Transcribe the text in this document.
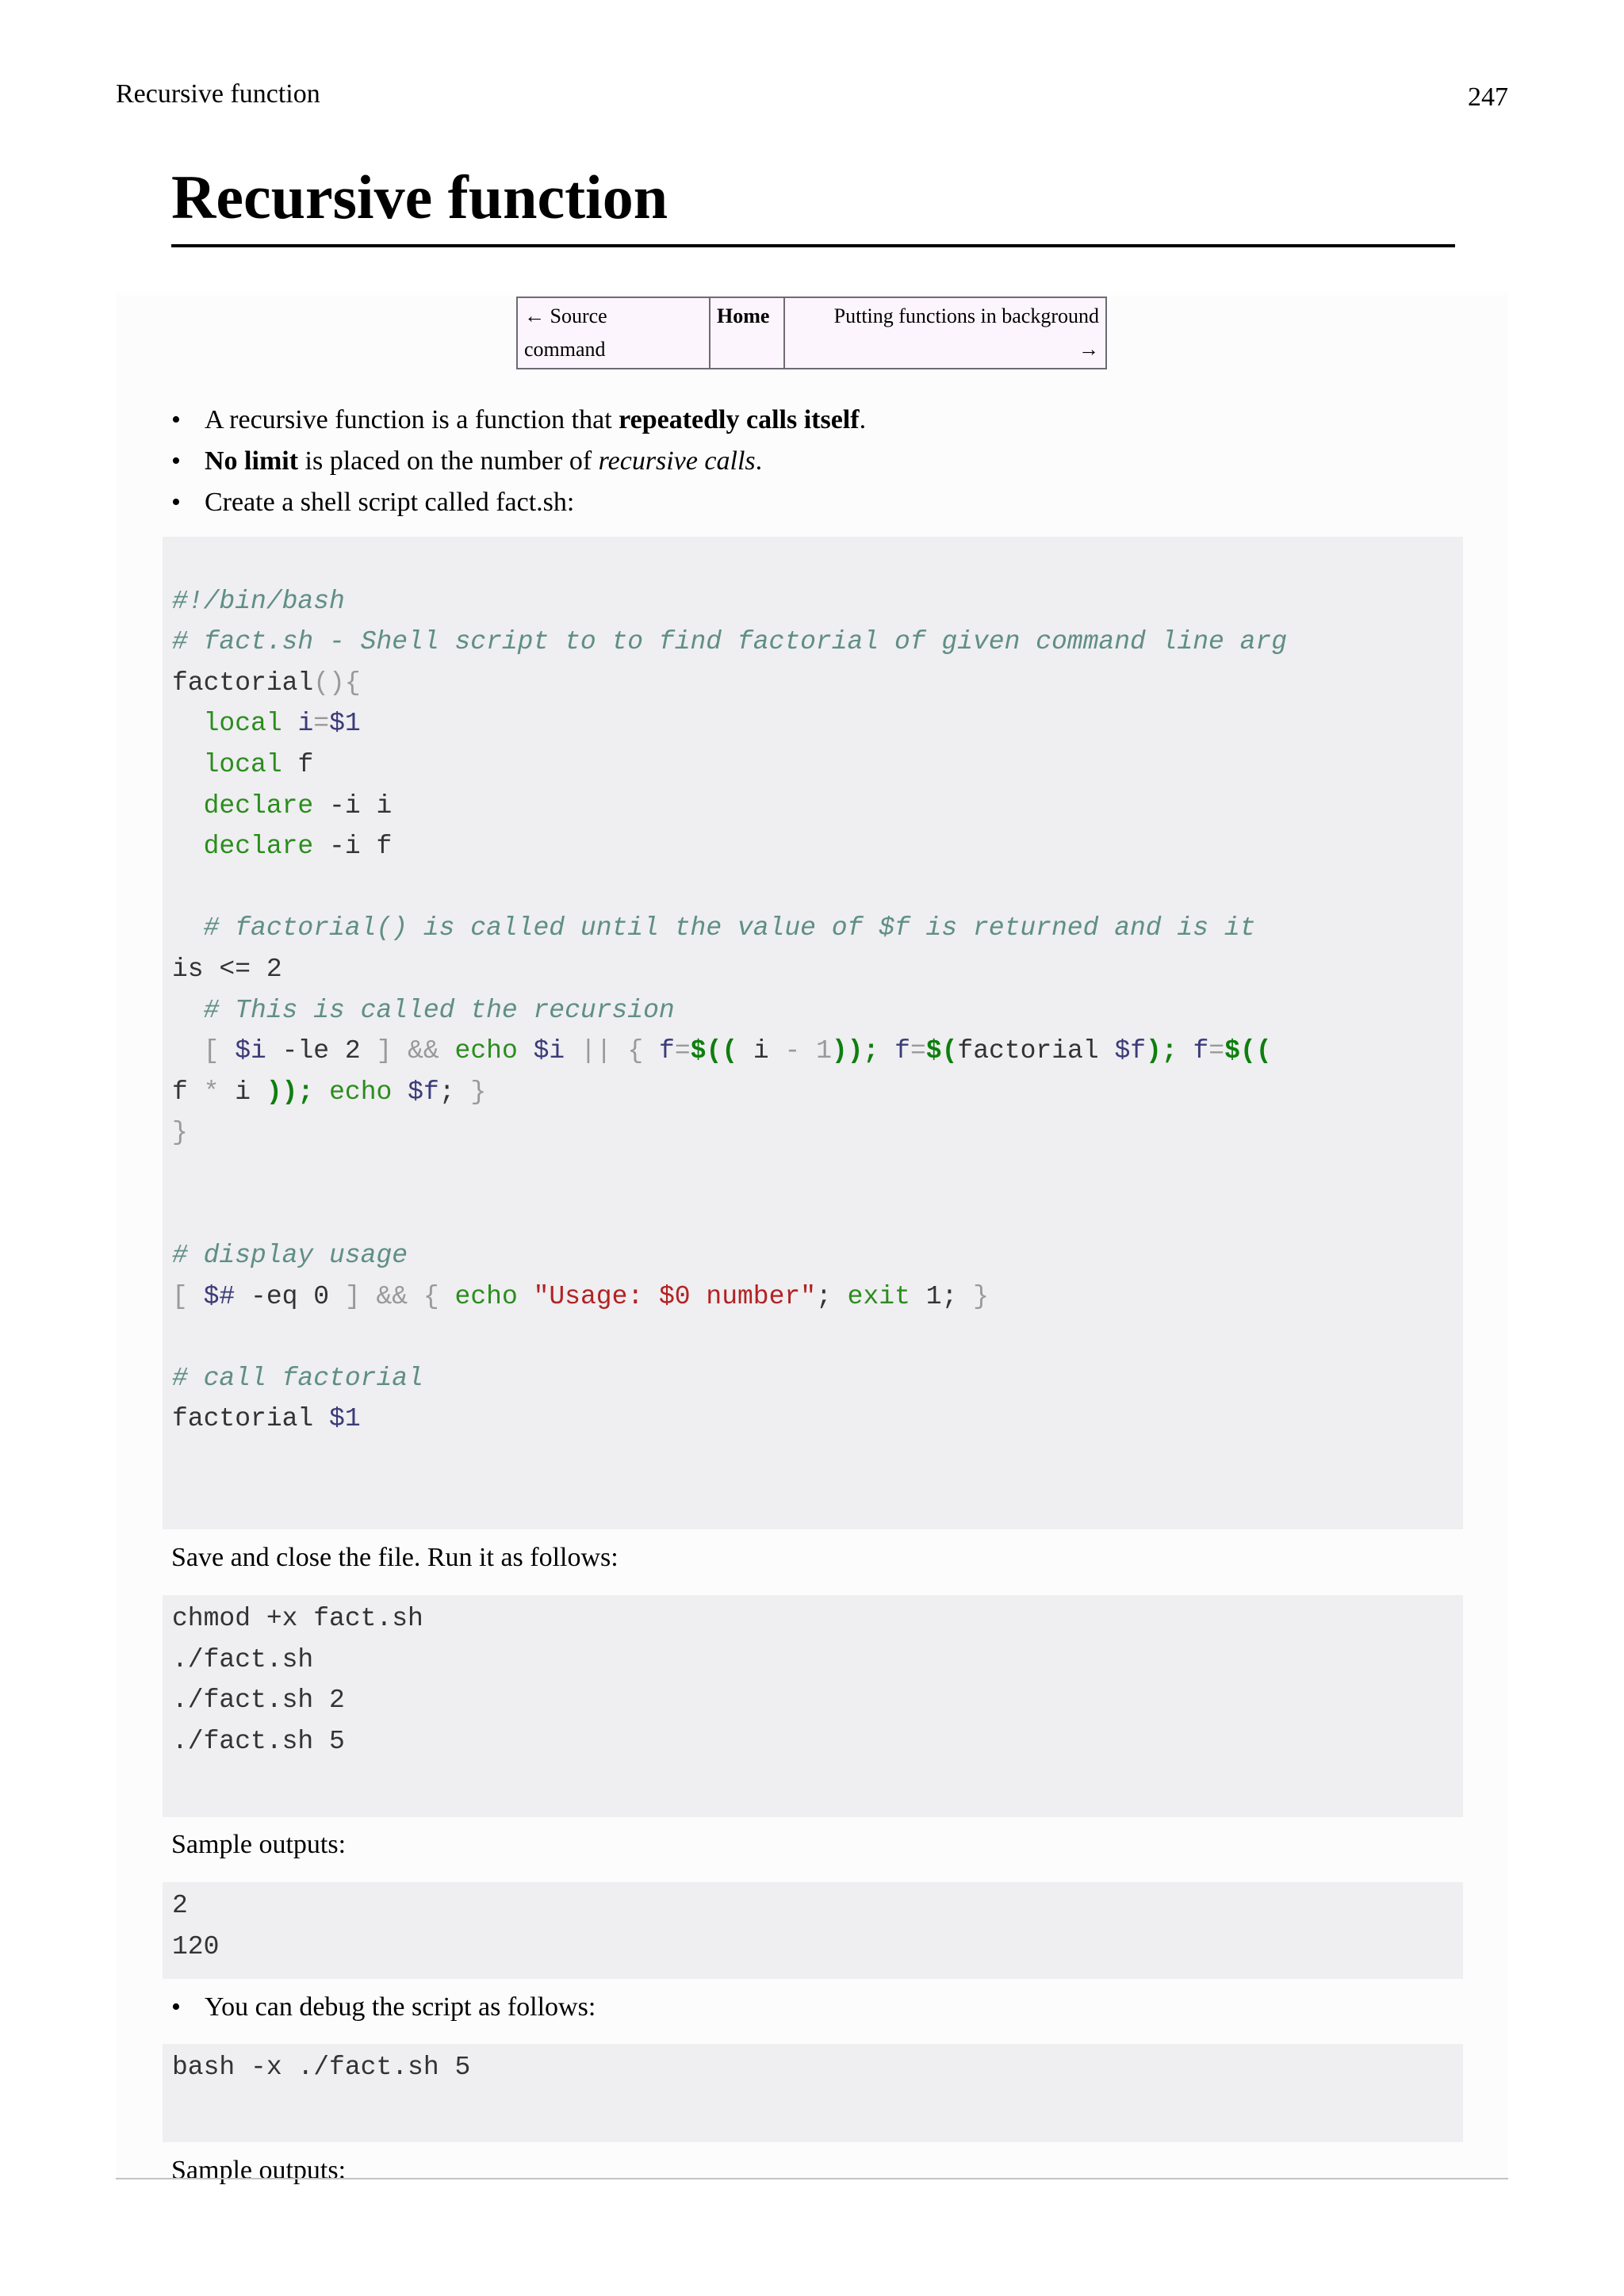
Recursive function	247
Recursive function
← Source
command	Home	Putting functions in background
→
• A recursive function is a function that repeatedly calls itself.
• No limit is placed on the number of recursive calls.
• Create a shell script called fact.sh:

#!/bin/bash
# fact.sh - Shell script to to find factorial of given command line arg
factorial(){
local i=$1
local f
declare -i i
declare -i f
# factorial() is called until the value of $f is returned and is it
is <= 2
# This is called the recursion
[ $i -le 2 ] && echo $i || { f=$(( i - 1)); f=$(factorial $f); f=$((
f * i )); echo $f; }
}
# display usage
[ $# -eq 0 ] && { echo "Usage: $0 number"; exit 1; }
# call factorial
factorial $1
Save and close the file. Run it as follows:
chmod +x fact.sh
./fact.sh
./fact.sh 2
./fact.sh 5
Sample outputs:
2
120
• You can debug the script as follows:
bash -x ./fact.sh 5
Sample outputs:
